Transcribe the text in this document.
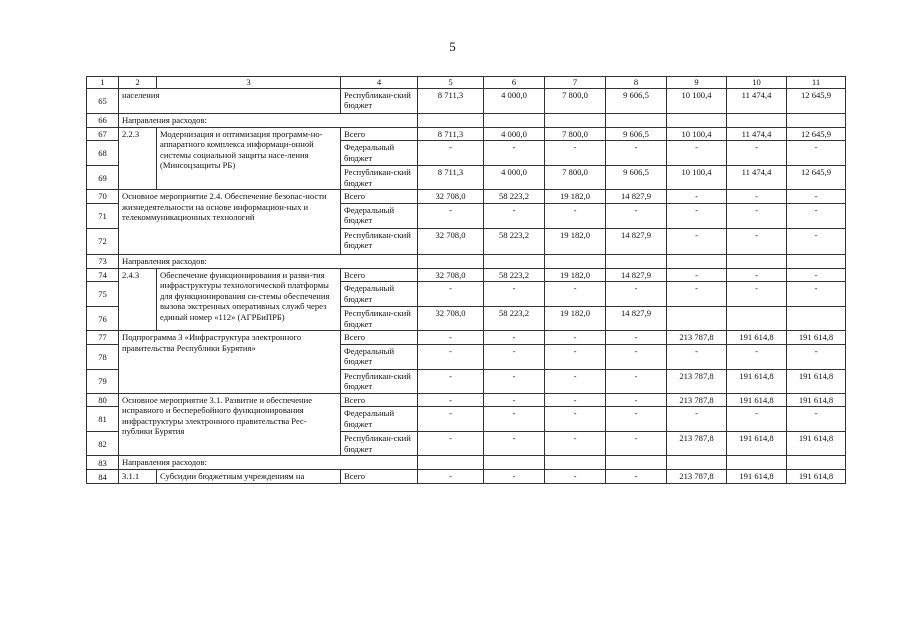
5
1	2	3	4	5	6	7	8	9	10	11
65	населения		Республикан-ский бюджет	8 711,3	4 000,0	7 800,0	9 606,5	10 100,4	11 474,4	12 645,9
66	Направления расходов:									
67	2.2.3	Модернизация и оптимизация программ-но-аппаратного комплекса информаци-онной системы социальной защиты насе-ления (Минсоцзащиты РБ)	Всего	8 711,3	4 000,0	7 800,0	9 606,5	10 100,4	11 474,4	12 645,9
68			Федеральный бюджет	-	-	-	-	-	-	-
69			Республикан-ский бюджет	8 711,3	4 000,0	7 800,0	9 606,5	10 100,4	11 474,4	12 645,9
70	Основное мероприятие 2.4. Обеспечение безопас-ности жизнедеятельности на основе информацион-ных и телекоммуникационных технологий		Всего	32 708,0	58 223,2	19 182,0	14 827,9	-	-	-
71			Федеральный бюджет	-	-	-	-	-	-	-
72			Республикан-ский бюджет	32 708,0	58 223,2	19 182,0	14 827,9	-	-	-
73	Направления расходов:									
74	2.4.3	Обеспечение функционирования и разви-тия инфраструктуры технологической платформы для функционирования си-стемы обеспечения вызова экстренных оперативных служб через единый номер «112» (АГРБиПРБ)	Всего	32 708,0	58 223,2	19 182,0	14 827,9	-	-	-
75			Федеральный бюджет	-	-	-	-	-	-	-
76			Республикан-ский бюджет	32 708,0	58 223,2	19 182,0	14 827,9			
77	Подпрограмма 3 «Инфраструктура электронного правительства Республики Бурятия»		Всего	-	-	-	-	213 787,8	191 614,8	191 614,8
78			Федеральный бюджет	-	-	-	-	-	-	-
79			Республикан-ский бюджет	-	-	-	-	213 787,8	191 614,8	191 614,8
80	Основное мероприятие 3.1. Развитие и обеспечение исправного и бесперебойного функционирования инфраструктуры электронного правительства Рес-публики Бурятия		Всего	-	-	-	-	213 787,8	191 614,8	191 614,8
81			Федеральный бюджет	-	-	-	-	-	-	-
82			Республикан-ский бюджет	-	-	-	-	213 787,8	191 614,8	191 614,8
83	Направления расходов:									
84	3.1.1	Субсидии бюджетным учреждениям на	Всего	-	-	-	-	213 787,8	191 614,8	191 614,8
